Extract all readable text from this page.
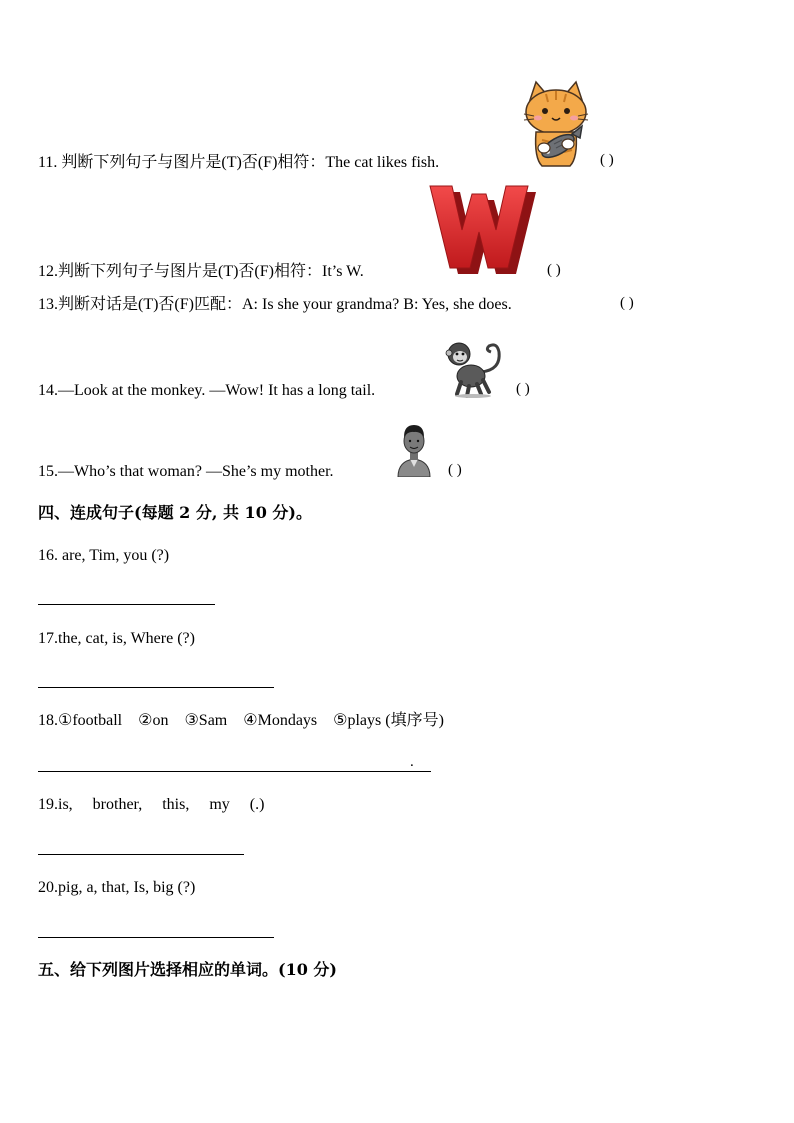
11. 判断下列句子与图片是(T)否(F)相符：The cat likes fish.	( )
12.判断下列句子与图片是(T)否(F)相符：It’s W.	( )
13.判断对话是(T)否(F)匹配：A: Is she your grandma? B: Yes, she does.	( )
14.—Look at the monkey. —Wow! It has a long tail.	( )
15.—Who’s that woman? —She’s my mother.	( )
四、连成句子(每题 2 分, 共 10 分)。
16. are, Tim, you (?)
17.the, cat, is, Where (?)
18.①football    ②on    ③Sam    ④Mondays    ⑤plays (填序号)
.
19.is,     brother,     this,     my     (.)
20.pig, a, that, Is, big (?)
五、给下列图片选择相应的单词。(10 分)
